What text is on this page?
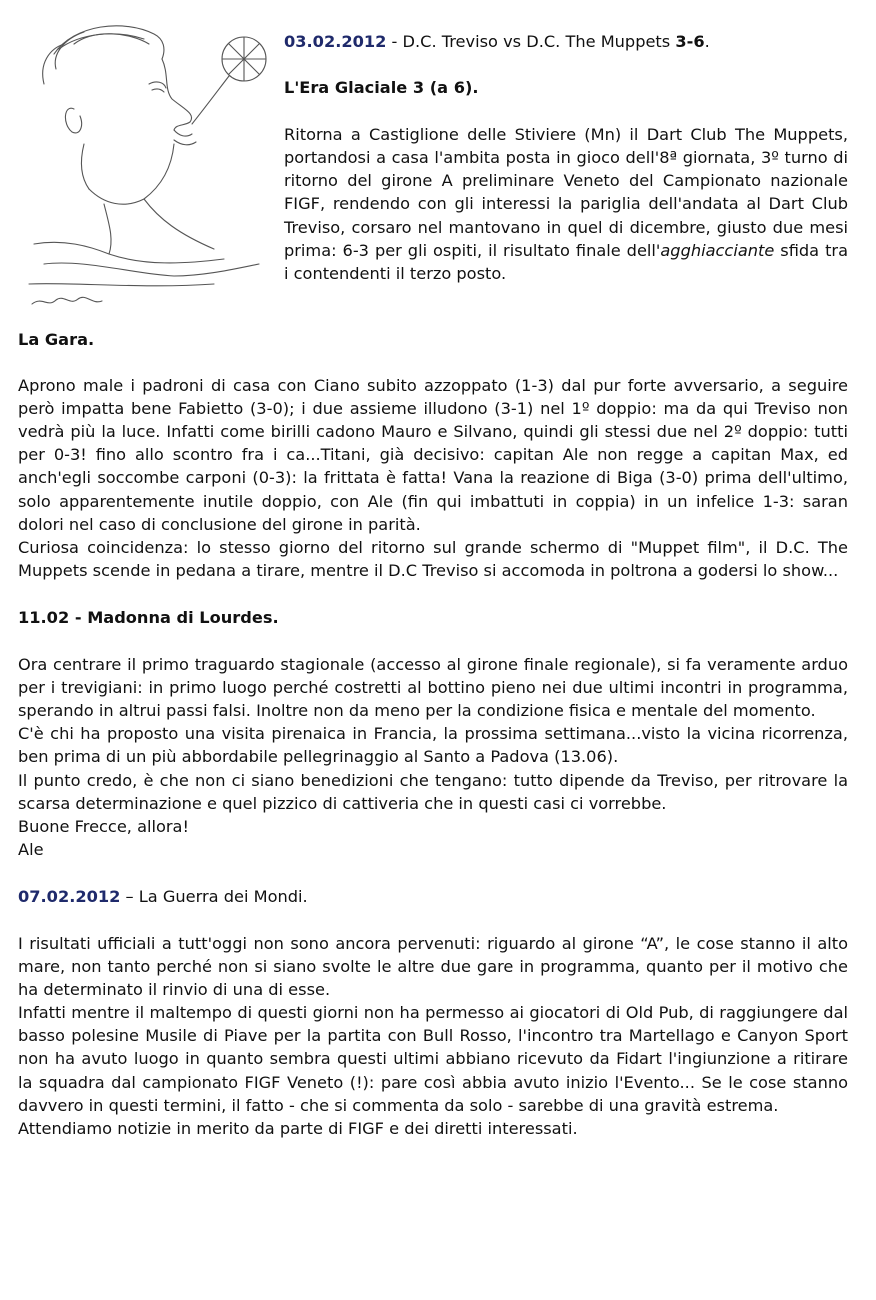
03.02.2012 - D.C. Treviso vs D.C. The Muppets 3-6.

L'Era Glaciale 3 (a 6).

Ritorna a Castiglione delle Stiviere (Mn) il Dart Club The Muppets, portandosi a casa l'ambita posta in gioco dell'8ª giornata, 3º turno di ritorno del girone A preliminare Veneto del Campionato nazionale FIGF, rendendo con gli interessi la pariglia dell'andata al Dart Club Treviso, corsaro nel mantovano in quel di dicembre, giusto due mesi prima: 6-3 per gli ospiti, il risultato finale dell'agghiacciante sfida tra i contendenti il terzo posto.

La Gara.

Aprono male i padroni di casa con Ciano subito azzoppato (1-3) dal pur forte avversario, a seguire però impatta bene Fabietto (3-0); i due assieme illudono (3-1) nel 1º doppio: ma da qui Treviso non vedrà più la luce. Infatti come birilli cadono Mauro e Silvano, quindi gli stessi due nel 2º doppio: tutti per 0-3! fino allo scontro fra i ca...Titani, già decisivo: capitan Ale non regge a capitan Max, ed anch'egli soccombe carponi (0-3): la frittata è fatta! Vana la reazione di Biga (3-0) prima dell'ultimo, solo apparentemente inutile doppio, con Ale (fin qui imbattuti in coppia) in un infelice 1-3: saran dolori nel caso di conclusione del girone in parità.

Curiosa coincidenza: lo stesso giorno del ritorno sul grande schermo di "Muppet film", il D.C. The Muppets scende in pedana a tirare, mentre il D.C Treviso si accomoda in poltrona a godersi lo show...

11.02 - Madonna di Lourdes.

Ora centrare il primo traguardo stagionale (accesso al girone finale regionale), si fa veramente arduo per i trevigiani: in primo luogo perché costretti al bottino pieno nei due ultimi incontri in programma, sperando in altrui passi falsi. Inoltre non da meno per la condizione fisica e mentale del momento.

C'è chi ha proposto una visita pirenaica in Francia, la prossima settimana...visto la vicina ricorrenza, ben prima di un più abbordabile pellegrinaggio al Santo a Padova (13.06).

Il punto credo, è che non ci siano benedizioni che tengano: tutto dipende da Treviso, per ritrovare la scarsa determinazione e quel pizzico di cattiveria che in questi casi ci vorrebbe.

Buone Frecce, allora!

Ale

07.02.2012 – La Guerra dei Mondi.

I risultati ufficiali a tutt'oggi non sono ancora pervenuti: riguardo al girone “A”, le cose stanno il alto mare, non tanto perché non si siano svolte le altre due gare in programma, quanto per il motivo che ha determinato il rinvio di una di esse.

Infatti mentre il maltempo di questi giorni non ha permesso ai giocatori di Old Pub, di raggiungere dal basso polesine Musile di Piave per la partita con Bull Rosso, l'incontro tra Martellago e Canyon Sport non ha avuto luogo in quanto sembra questi ultimi abbiano ricevuto da Fidart l'ingiunzione a ritirare la squadra dal campionato FIGF Veneto (!): pare così abbia avuto inizio l'Evento... Se le cose stanno davvero in questi termini, il fatto - che si commenta da solo - sarebbe di una gravità estrema.

Attendiamo notizie in merito da parte di FIGF e dei diretti interessati.
